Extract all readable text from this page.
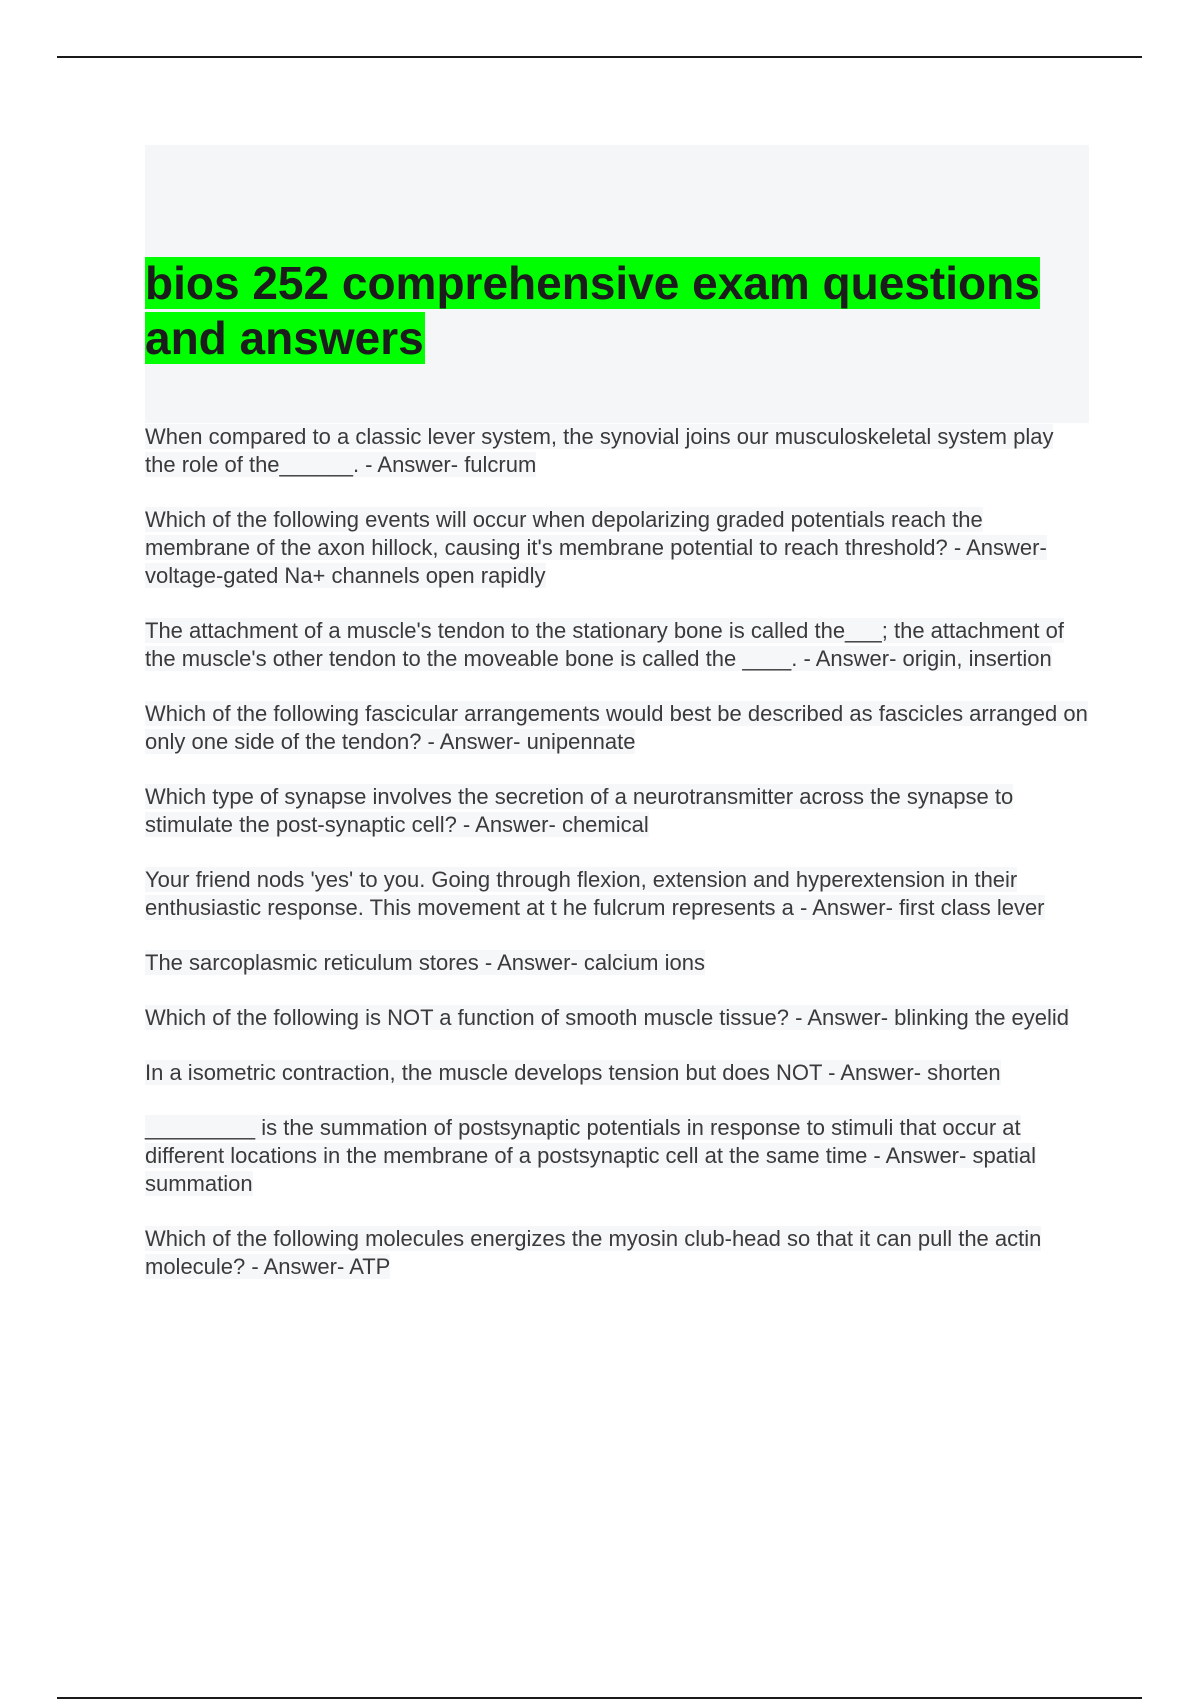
bios 252 comprehensive exam questions and answers
When compared to a classic lever system, the synovial joins our musculoskeletal system play the role of the______. - Answer- fulcrum
Which of the following events will occur when depolarizing graded potentials reach the membrane of the axon hillock, causing it's membrane potential to reach threshold? - Answer- voltage-gated Na+ channels open rapidly
The attachment of a muscle's tendon to the stationary bone is called the___; the attachment of the muscle's other tendon to the moveable bone is called the ____. - Answer- origin, insertion
Which of the following fascicular arrangements would best be described as fascicles arranged on only one side of the tendon? - Answer- unipennate
Which type of synapse involves the secretion of a neurotransmitter across the synapse to stimulate the post-synaptic cell? - Answer- chemical
Your friend nods 'yes' to you. Going through flexion, extension and hyperextension in their enthusiastic response. This movement at t he fulcrum represents a - Answer- first class lever
The sarcoplasmic reticulum stores - Answer- calcium ions
Which of the following is NOT a function of smooth muscle tissue? - Answer- blinking the eyelid
In a isometric contraction, the muscle develops tension but does NOT - Answer- shorten
_________ is the summation of postsynaptic potentials in response to stimuli that occur at different locations in the membrane of a postsynaptic cell at the same time - Answer- spatial summation
Which of the following molecules energizes the myosin club-head so that it can pull the actin molecule? - Answer- ATP
